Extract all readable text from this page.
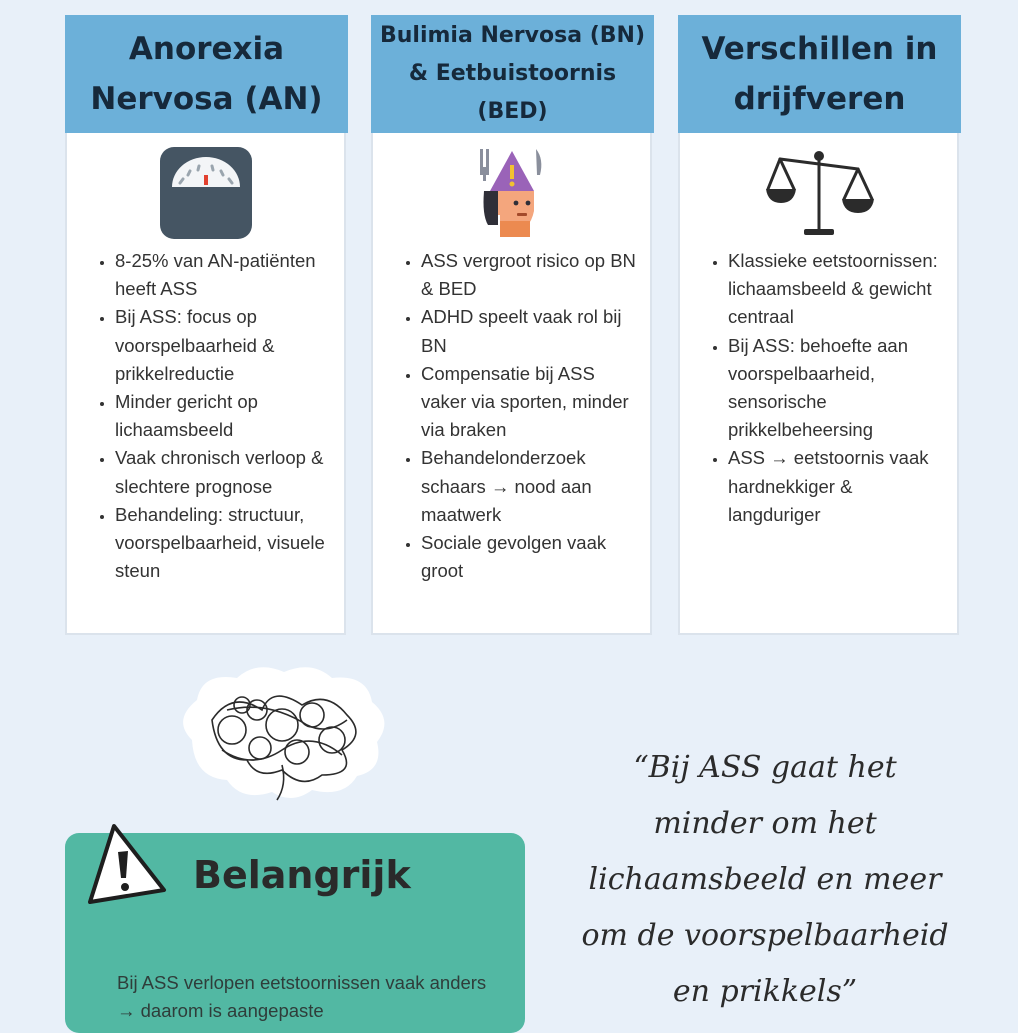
Anorexia Nervosa (AN)
• 8-25% van AN-patiënten heeft ASS
• Bij ASS: focus op voorspelbaarheid & prikkelreductie
• Minder gericht op lichaamsbeeld
• Vaak chronisch verloop & slechtere prognose
• Behandeling: structuur, voorspelbaarheid, visuele steun
Bulimia Nervosa (BN) & Eetbuistoornis (BED)
• ASS vergroot risico op BN & BED
• ADHD speelt vaak rol bij BN
• Compensatie bij ASS vaker via sporten, minder via braken
• Behandelonderzoek schaars → nood aan maatwerk
• Sociale gevolgen vaak groot
Verschillen in drijfveren
• Klassieke eetstoornissen: lichaamsbeeld & gewicht centraal
• Bij ASS: behoefte aan voorspelbaarheid, sensorische prikkelbeheersing
• ASS → eetstoornis vaak hardnekkiger & langduriger
Belangrijk
Bij ASS verlopen eetstoornissen vaak anders → daarom is aangepaste
“Bij ASS gaat het
minder om het
lichaamsbeeld en meer
om de voorspelbaarheid
en prikkels”
